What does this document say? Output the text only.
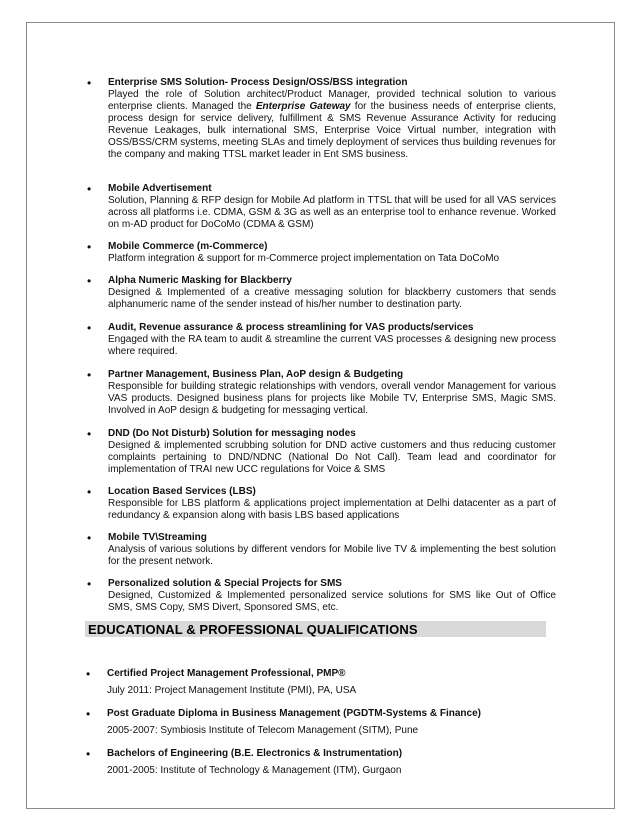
• Enterprise SMS Solution- Process Design/OSS/BSS integration
Played the role of Solution architect/Product Manager, provided technical solution to various enterprise clients. Managed the Enterprise Gateway for the business needs of enterprise clients, process design for service delivery, fulfillment & SMS Revenue Assurance Activity for reducing Revenue Leakages, bulk international SMS, Enterprise Voice Virtual number, integration with OSS/BSS/CRM systems, meeting SLAs and timely deployment of services thus building revenues for the company and making TTSL market leader in Ent SMS business.
• Mobile Advertisement
Solution, Planning & RFP design for Mobile Ad platform in TTSL that will be used for all VAS services across all platforms i.e. CDMA, GSM & 3G as well as an enterprise tool to enhance revenue. Worked on m-AD product for DoCoMo (CDMA & GSM)
• Mobile Commerce (m-Commerce)
Platform integration & support for m-Commerce project implementation on Tata DoCoMo
• Alpha Numeric Masking for Blackberry
Designed & Implemented of a creative messaging solution for blackberry customers that sends alphanumeric name of the sender instead of his/her number to destination party.
• Audit, Revenue assurance & process streamlining for VAS products/services
Engaged with the RA team to audit & streamline the current VAS processes & designing new process where required.
• Partner Management, Business Plan, AoP design & Budgeting
Responsible for building strategic relationships with vendors, overall vendor Management for various VAS products. Designed business plans for projects like Mobile TV, Enterprise SMS, Magic SMS. Involved in AoP design & budgeting for messaging vertical.
• DND (Do Not Disturb) Solution for messaging nodes
Designed & implemented scrubbing solution for DND active customers and thus reducing customer complaints pertaining to DND/NDNC (National Do Not Call). Team lead and coordinator for implementation of TRAI new UCC regulations for Voice & SMS
• Location Based Services (LBS)
Responsible for LBS platform & applications project implementation at Delhi datacenter as a part of redundancy & expansion along with basis LBS based applications
• Mobile TV\Streaming
Analysis of various solutions by different vendors for Mobile live TV & implementing the best solution for the present network.
• Personalized solution & Special Projects for SMS
Designed, Customized & Implemented personalized service solutions for SMS like Out of Office SMS, SMS Copy, SMS Divert, Sponsored SMS, etc.
EDUCATIONAL & PROFESSIONAL QUALIFICATIONS
• Certified Project Management Professional, PMP®
July 2011: Project Management Institute (PMI), PA, USA
• Post Graduate Diploma in Business Management (PGDTM-Systems & Finance)
2005-2007: Symbiosis Institute of Telecom Management (SITM), Pune
• Bachelors of Engineering (B.E. Electronics & Instrumentation)
2001-2005: Institute of Technology & Management (ITM), Gurgaon
